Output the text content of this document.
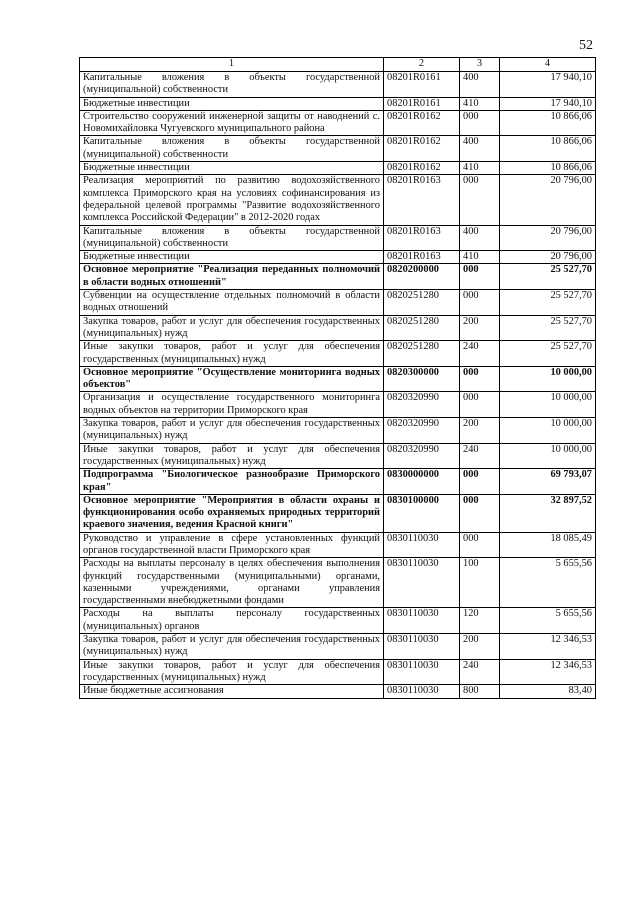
52
1	2	3	4
Капитальные вложения в объекты государственной (муниципальной) собственности	08201R0161	400	17 940,10
Бюджетные инвестиции	08201R0161	410	17 940,10
Строительство сооружений инженерной защиты от наводнений с. Новомихайловка Чугуевского муниципального района	08201R0162	000	10 866,06
Капитальные вложения в объекты государственной (муниципальной) собственности	08201R0162	400	10 866,06
Бюджетные инвестиции	08201R0162	410	10 866,06
Реализация мероприятий по развитию водохозяйственного комплекса Приморского края на условиях софинансирования из федеральной целевой программы "Развитие водохозяйственного комплекса Российской Федерации" в 2012-2020 годах	08201R0163	000	20 796,00
Капитальные вложения в объекты государственной (муниципальной) собственности	08201R0163	400	20 796,00
Бюджетные инвестиции	08201R0163	410	20 796,00
Основное мероприятие "Реализация переданных полномочий в области водных отношений"	0820200000	000	25 527,70
Субвенции на осуществление отдельных полномочий в области водных отношений	0820251280	000	25 527,70
Закупка товаров, работ и услуг для обеспечения государственных (муниципальных) нужд	0820251280	200	25 527,70
Иные закупки товаров, работ и услуг для обеспечения государственных (муниципальных) нужд	0820251280	240	25 527,70
Основное мероприятие "Осуществление мониторинга водных объектов"	0820300000	000	10 000,00
Организация и осуществление государственного мониторинга водных объектов на территории Приморского края	0820320990	000	10 000,00
Закупка товаров, работ и услуг для обеспечения государственных (муниципальных) нужд	0820320990	200	10 000,00
Иные закупки товаров, работ и услуг для обеспечения государственных (муниципальных) нужд	0820320990	240	10 000,00
Подпрограмма "Биологическое разнообразие Приморского края"	0830000000	000	69 793,07
Основное мероприятие "Мероприятия в области охраны и функционирования особо охраняемых природных территорий краевого значения, ведения Красной книги"	0830100000	000	32 897,52
Руководство и управление в сфере установленных функций органов государственной власти Приморского края	0830110030	000	18 085,49
Расходы на выплаты персоналу в целях обеспечения выполнения функций государственными (муниципальными) органами, казенными учреждениями, органами управления государственными внебюджетными фондами	0830110030	100	5 655,56
Расходы на выплаты персоналу государственных (муниципальных) органов	0830110030	120	5 655,56
Закупка товаров, работ и услуг для обеспечения государственных (муниципальных) нужд	0830110030	200	12 346,53
Иные закупки товаров, работ и услуг для обеспечения государственных (муниципальных) нужд	0830110030	240	12 346,53
Иные бюджетные ассигнования	0830110030	800	83,40
